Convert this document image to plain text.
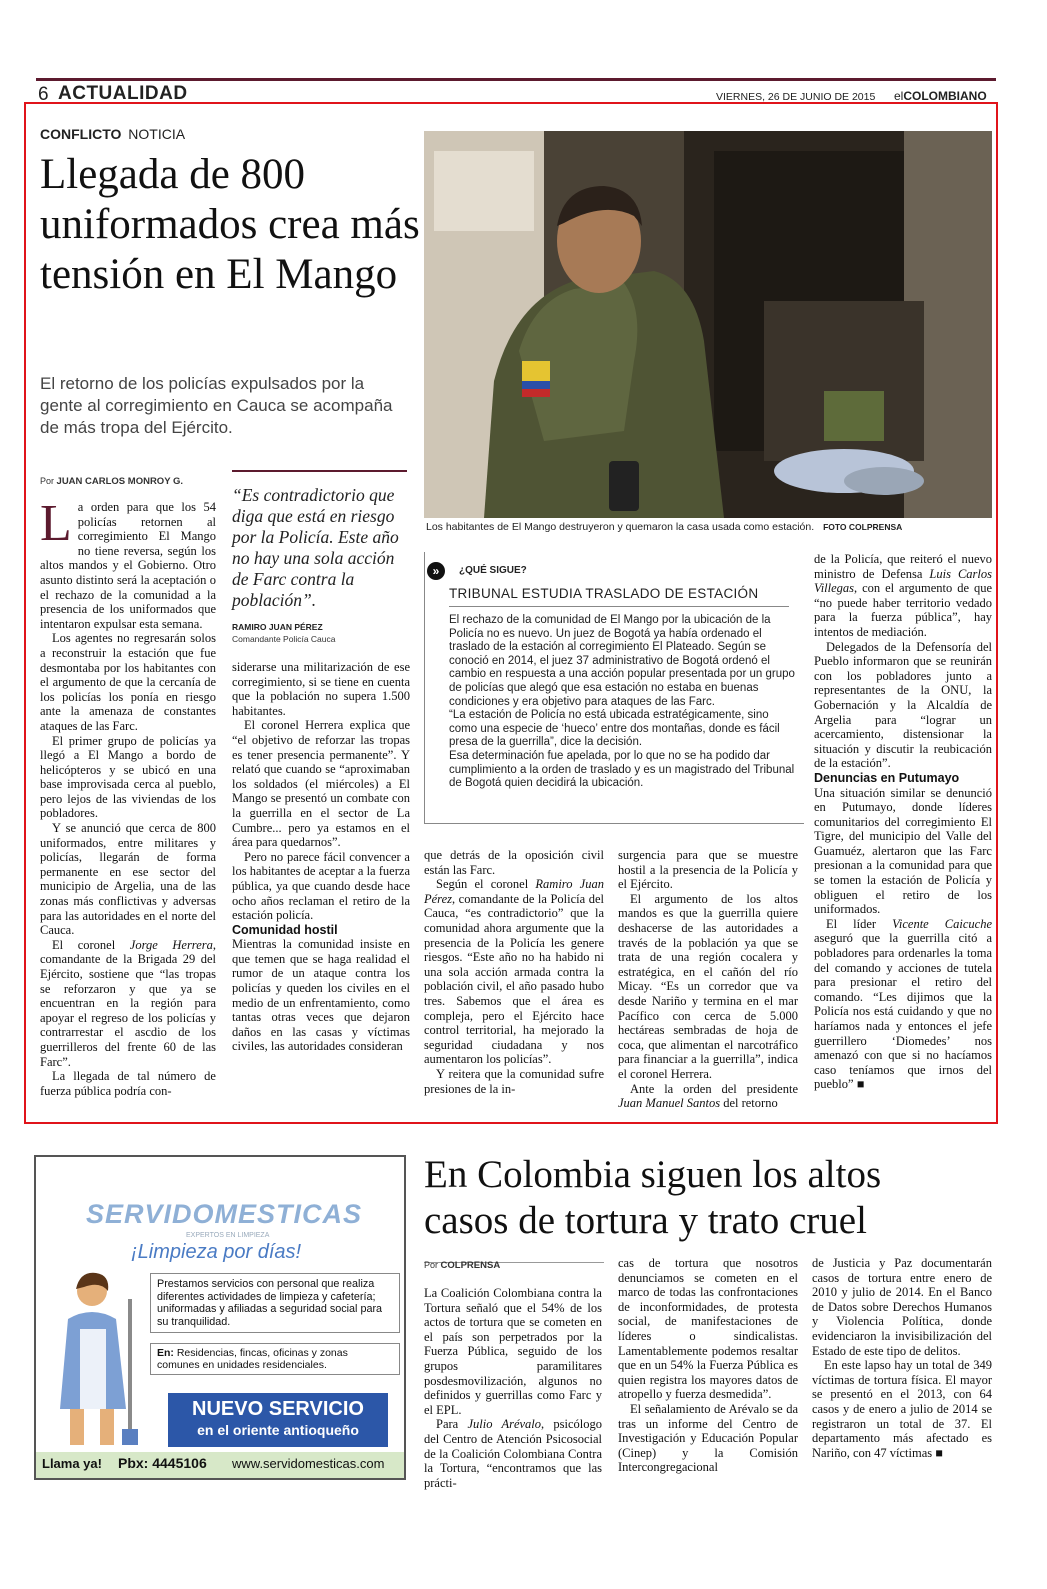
6 ACTUALIDAD	VIERNES, 26 DE JUNIO DE 2015 elCOLOMBIANO
CONFLICTO NOTICIA
Llegada de 800 uniformados crea más tensión en El Mango
El retorno de los policías expulsados por la gente al corregimiento en Cauca se acompaña de más tropa del Ejército.
Por JUAN CARLOS MONROY G.
Los habitantes de El Mango destruyeron y quemaron la casa usada como estación. FOTO COLPRENSA
“Es contradictorio que diga que está en riesgo por la Policía. Este año no hay una sola acción de Farc contra la población”.
RAMIRO JUAN PÉREZ
Comandante Policía Cauca

La orden para que los 54 policías retornen al corregimiento El Mango no tiene reversa, según los altos mandos y el Gobierno. Otro asunto distinto será la aceptación o el rechazo de la comunidad a la presencia de los uniformados que intentaron expulsar esta semana.

Los agentes no regresarán solos a reconstruir la estación que fue desmontaba por los habitantes con el argumento de que la cercanía de los policías los ponía en riesgo ante la amenaza de constantes ataques de las Farc.

El primer grupo de policías ya llegó a El Mango a bordo de helicópteros y se ubicó en una base improvisada cerca al pueblo, pero lejos de las viviendas de los pobladores.

Y se anunció que cerca de 800 uniformados, entre militares y policías, llegarán de forma permanente en ese sector del municipio de Argelia, una de las zonas más conflictivas y adversas para las autoridades en el norte del Cauca.

El coronel Jorge Herrera, comandante de la Brigada 29 del Ejército, sostiene que “las tropas se reforzaron y que ya se encuentran en la región para apoyar el regreso de los policías y contrarrestar el ascdio de los guerrilleros del frente 60 de las Farc”.

La llegada de tal número de fuerza pública podría con-

siderarse una militarización de ese corregimiento, si se tiene en cuenta que la población no supera 1.500 habitantes.

El coronel Herrera explica que “el objetivo de reforzar las tropas es tener presencia permanente”. Y relató que cuando se “aproximaban los soldados (el miércoles) a El Mango se presentó un combate con la guerrilla en el sector de La Cumbre... pero ya estamos en el área para quedarnos”.

Pero no parece fácil convencer a los habitantes de aceptar a la fuerza pública, ya que cuando desde hace ocho años reclaman el retiro de la estación policía.

Comunidad hostil

Mientras la comunidad insiste en que temen que se haga realidad el rumor de un ataque contra los policías y queden los civiles en el medio de un enfrentamiento, como tantas otras veces que dejaron daños en las casas y víctimas civiles, las autoridades consideran

»	¿QUÉ SIGUE?
TRIBUNAL ESTUDIA TRASLADO DE ESTACIÓN
El rechazo de la comunidad de El Mango por la ubicación de la Policía no es nuevo. Un juez de Bogotá ya había ordenado el traslado de la estación al corregimiento El Plateado. Según se conoció en 2014, el juez 37 administrativo de Bogotá ordenó el cambio en respuesta a una acción popular presentada por un grupo de policías que alegó que esa estación no estaba en buenas condiciones y era objetivo para ataques de las Farc.
“La estación de Policía no está ubicada estratégicamente, sino como una especie de ‘hueco’ entre dos montañas, donde es fácil presa de la guerrilla”, dice la decisión.
Esa determinación fue apelada, por lo que no se ha podido dar cumplimiento a la orden de traslado y es un magistrado del Tribunal de Bogotá quien decidirá la ubicación.

que detrás de la oposición civil están las Farc.

Según el coronel Ramiro Juan Pérez, comandante de la Policía del Cauca, “es contradictorio” que la comunidad ahora argumente que la presencia de la Policía les genere riesgos. “Este año no ha habido ni una sola acción armada contra la población civil, el año pasado hubo tres. Sabemos que el área es compleja, pero el Ejército hace control territorial, ha mejorado la seguridad ciudadana y nos aumentaron los policías”.

Y reitera que la comunidad sufre presiones de la in-

surgencia para que se muestre hostil a la presencia de la Policía y el Ejército.

El argumento de los altos mandos es que la guerrilla quiere deshacerse de las autoridades a través de la población ya que se trata de una región cocalera y estratégica, en el cañón del río Micay. “Es un corredor que va desde Nariño y termina en el mar Pacífico con cerca de 5.000 hectáreas sembradas de hoja de coca, que alimentan el narcotráfico para financiar a la guerrilla”, indica el coronel Herrera.

Ante la orden del presidente Juan Manuel Santos del retorno

de la Policía, que reiteró el nuevo ministro de Defensa Luis Carlos Villegas, con el argumento de que “no puede haber territorio vedado para la fuerza pública”, hay intentos de mediación.

Delegados de la Defensoría del Pueblo informaron que se reunirán con los pobladores junto a representantes de la ONU, la Gobernación y la Alcaldía de Argelia para “lograr un acercamiento, distensionar la situación y discutir la reubicación de la estación”.

Denuncias en Putumayo

Una situación similar se denunció en Putumayo, donde líderes comunitarios del corregimiento El Tigre, del municipio del Valle del Guamuéz, alertaron que las Farc presionan a la comunidad para que se tomen la estación de Policía y obliguen el retiro de los uniformados.

El líder Vicente Caicuche aseguró que la guerrilla citó a pobladores para ordenarles la toma del comando y acciones de tutela para presionar el retiro del comando. “Les dijimos que la Policía nos está cuidando y que no haríamos nada y entonces el jefe guerrillero ‘Diomedes’ nos amenazó con que si no hacíamos caso teníamos que irnos del pueblo” ■

SERVIDOMESTICAS
EXPERTOS EN LIMPIEZA
¡Limpieza por días!
Prestamos servicios con personal que realiza diferentes actividades de limpieza y cafetería; uniformadas y afiliadas a seguridad social para su tranquilidad.
En: Residencias, fincas, oficinas y zonas comunes en unidades residenciales.
NUEVO SERVICIO
en el oriente antioqueño
Llama ya! Pbx: 4445106 www.servidomesticas.com
En Colombia siguen los altos casos de tortura y trato cruel
Por COLPRENSA

La Coalición Colombiana contra la Tortura señaló que el 54% de los actos de tortura que se cometen en el país son perpetrados por la Fuerza Pública, seguido de los grupos paramilitares posdesmovilización, algunos no definidos y guerrillas como Farc y el EPL.

Para Julio Arévalo, psicólogo del Centro de Atención Psicosocial de la Coalición Colombiana Contra la Tortura, “encontramos que las prácti-

cas de tortura que nosotros denunciamos se cometen en el marco de todas las confrontaciones de inconformidades, de protesta social, de manifestaciones de líderes o sindicalistas. Lamentablemente podemos resaltar que en un 54% la Fuerza Pública es quien registra los mayores datos de atropello y fuerza desmedida”.

El señalamiento de Arévalo se da tras un informe del Centro de Investigación y Educación Popular (Cinep) y la Comisión Intercongregacional

de Justicia y Paz documentarán casos de tortura entre enero de 2010 y julio de 2014. En el Banco de Datos sobre Derechos Humanos y Violencia Política, donde evidenciaron la invisibilización del Estado de este tipo de delitos.

En este lapso hay un total de 349 víctimas de tortura física. El mayor se presentó en el 2013, con 64 casos y de enero a julio de 2014 se registraron un total de 37. El departamento más afectado es Nariño, con 47 víctimas ■
